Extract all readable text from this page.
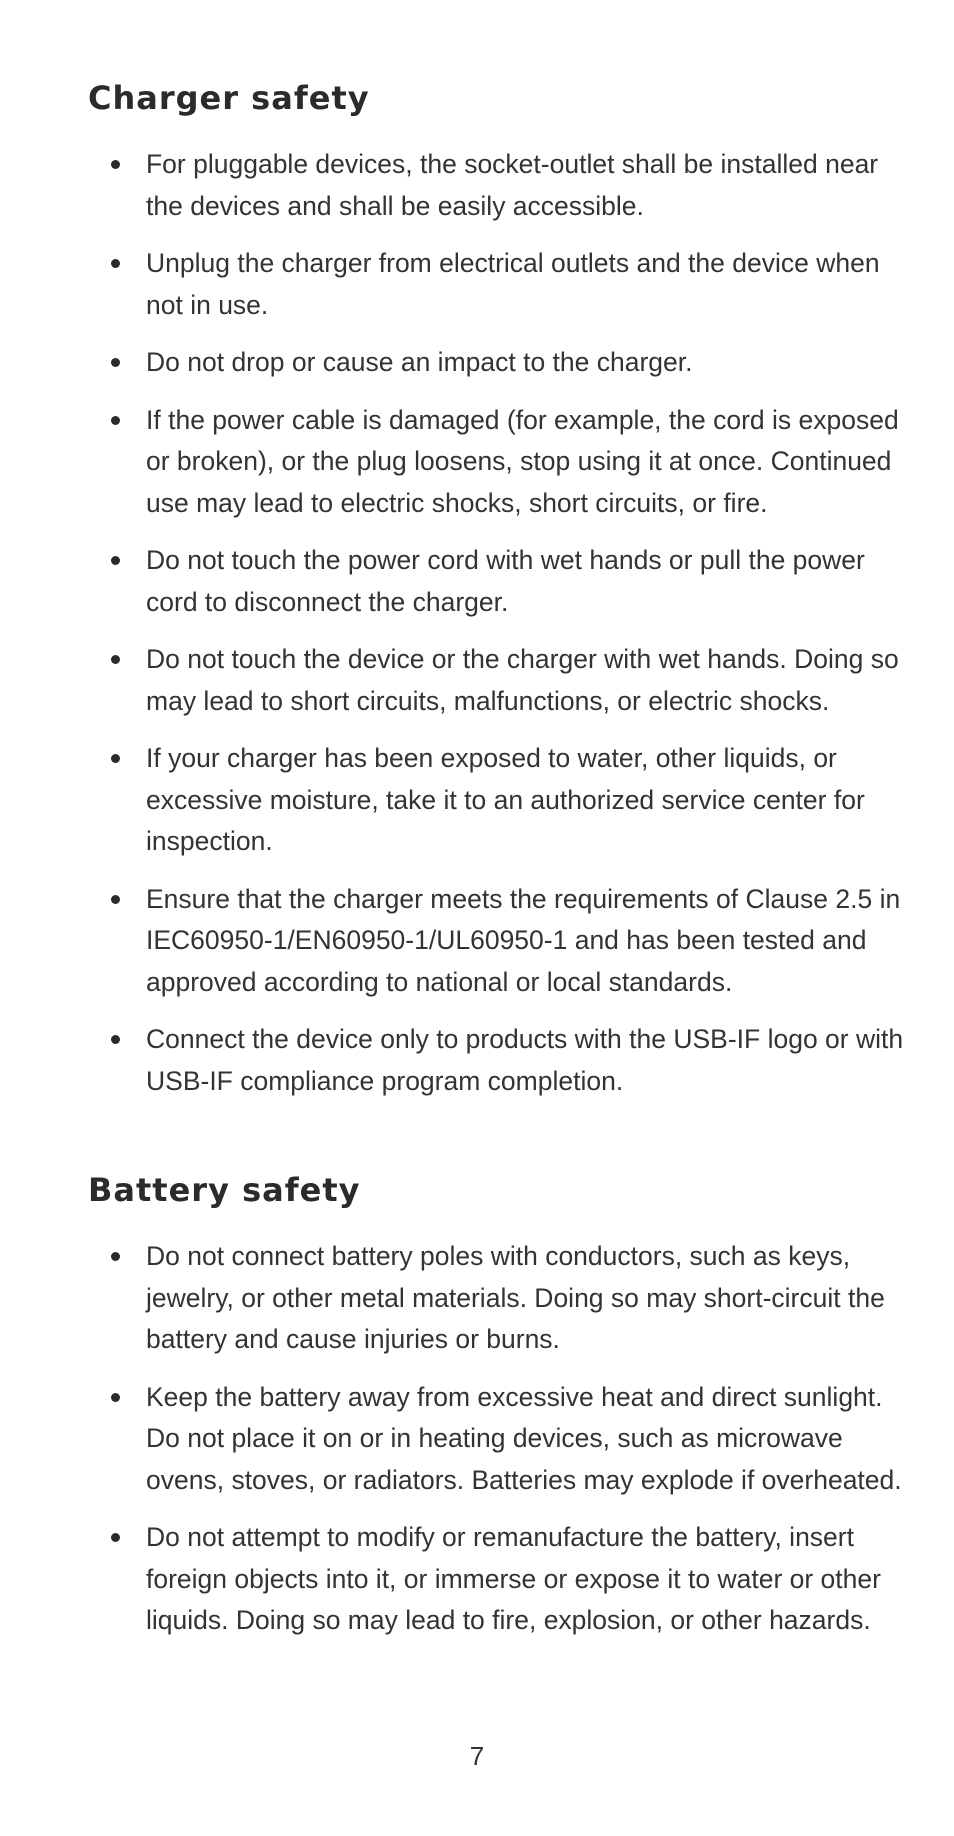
Charger safety
For pluggable devices, the socket-outlet shall be installed near the devices and shall be easily accessible.
Unplug the charger from electrical outlets and the device when not in use.
Do not drop or cause an impact to the charger.
If the power cable is damaged (for example, the cord is exposed or broken), or the plug loosens, stop using it at once. Continued use may lead to electric shocks, short circuits, or fire.
Do not touch the power cord with wet hands or pull the power cord to disconnect the charger.
Do not touch the device or the charger with wet hands. Doing so may lead to short circuits, malfunctions, or electric shocks.
If your charger has been exposed to water, other liquids, or excessive moisture, take it to an authorized service center for inspection.
Ensure that the charger meets the requirements of Clause 2.5 in IEC60950-1/EN60950-1/UL60950-1 and has been tested and approved according to national or local standards.
Connect the device only to products with the USB-IF logo or with USB-IF compliance program completion.
Battery safety
Do not connect battery poles with conductors, such as keys, jewelry, or other metal materials. Doing so may short-circuit the battery and cause injuries or burns.
Keep the battery away from excessive heat and direct sunlight. Do not place it on or in heating devices, such as microwave ovens, stoves, or radiators. Batteries may explode if overheated.
Do not attempt to modify or remanufacture the battery, insert foreign objects into it, or immerse or expose it to water or other liquids. Doing so may lead to fire, explosion, or other hazards.
7
